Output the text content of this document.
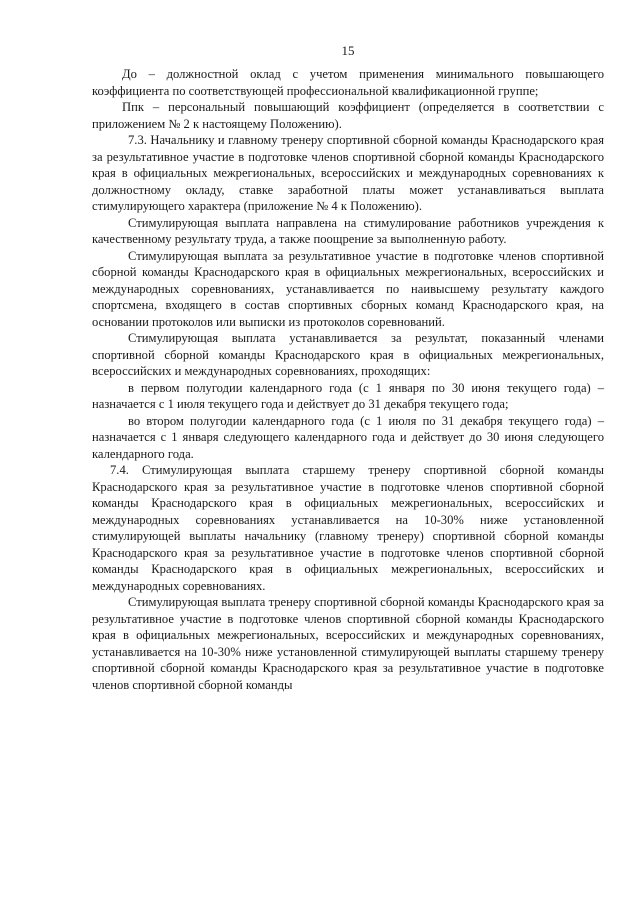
15

До – должностной оклад с учетом применения минимального повышающего коэффициента по соответствующей профессиональной квалификационной группе;

Ппк – персональный повышающий коэффициент (определяется в соответствии с приложением № 2 к настоящему Положению).

7.3. Начальнику и главному тренеру спортивной сборной команды Краснодарского края за результативное участие в подготовке членов спортивной сборной команды Краснодарского края в официальных межрегиональных, всероссийских и международных соревнованиях к должностному окладу, ставке заработной платы может устанавливаться выплата стимулирующего характера (приложение № 4 к Положению).

Стимулирующая выплата направлена на стимулирование работников учреждения к качественному результату труда, а также поощрение за выполненную работу.

Стимулирующая выплата за результативное участие в подготовке членов спортивной сборной команды Краснодарского края в официальных межрегиональных, всероссийских и международных соревнованиях, устанавливается по наивысшему результату каждого спортсмена, входящего в состав спортивных сборных команд Краснодарского края, на основании протоколов или выписки из протоколов соревнований.

Стимулирующая выплата устанавливается за результат, показанный членами спортивной сборной команды Краснодарского края в официальных межрегиональных, всероссийских и международных соревнованиях, проходящих:

в первом полугодии календарного года (с 1 января по 30 июня текущего года) – назначается с 1 июля текущего года и действует до 31 декабря текущего года;

во втором полугодии календарного года (с 1 июля по 31 декабря текущего года) – назначается с 1 января следующего календарного года и действует до 30 июня следующего календарного года.

7.4. Стимулирующая выплата старшему тренеру спортивной сборной команды Краснодарского края за результативное участие в подготовке членов спортивной сборной команды Краснодарского края в официальных межрегиональных, всероссийских и международных соревнованиях устанавливается на 10-30% ниже установленной стимулирующей выплаты начальнику (главному тренеру) спортивной сборной команды Краснодарского края за результативное участие в подготовке членов спортивной сборной команды Краснодарского края в официальных межрегиональных, всероссийских и международных соревнованиях.

Стимулирующая выплата тренеру спортивной сборной команды Краснодарского края за результативное участие в подготовке членов спортивной сборной команды Краснодарского края в официальных межрегиональных, всероссийских и международных соревнованиях, устанавливается на 10-30% ниже установленной стимулирующей выплаты старшему тренеру спортивной сборной команды Краснодарского края за результативное участие в подготовке членов спортивной сборной команды
